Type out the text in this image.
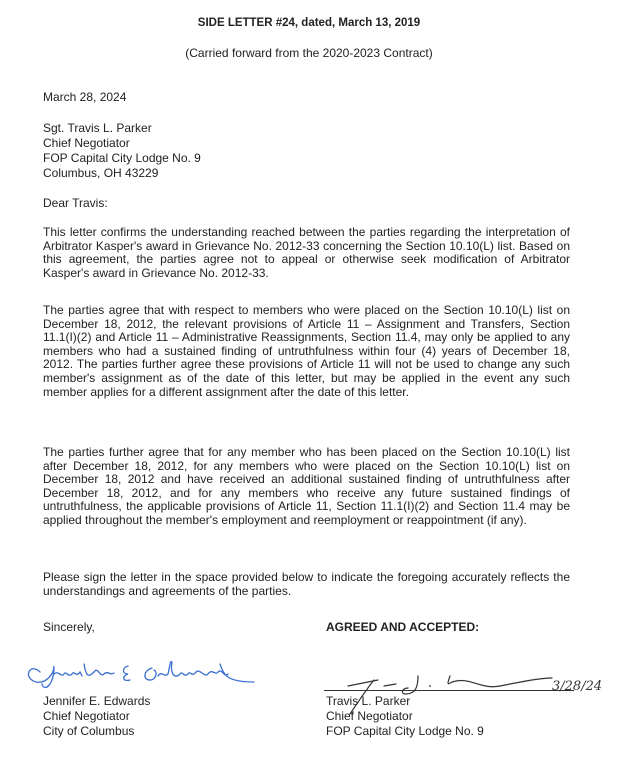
SIDE LETTER #24, dated, March 13, 2019
(Carried forward from the 2020-2023 Contract)
March 28, 2024
Sgt. Travis L. Parker
Chief Negotiator
FOP Capital City Lodge No. 9
Columbus, OH 43229
Dear Travis:
This letter confirms the understanding reached between the parties regarding the interpretation of Arbitrator Kasper's award in Grievance No. 2012-33 concerning the Section 10.10(L) list. Based on this agreement, the parties agree not to appeal or otherwise seek modification of Arbitrator Kasper's award in Grievance No. 2012-33.
The parties agree that with respect to members who were placed on the Section 10.10(L) list on December 18, 2012, the relevant provisions of Article 11 – Assignment and Transfers, Section 11.1(I)(2) and Article 11 – Administrative Reassignments, Section 11.4, may only be applied to any members who had a sustained finding of untruthfulness within four (4) years of December 18, 2012. The parties further agree these provisions of Article 11 will not be used to change any such member's assignment as of the date of this letter, but may be applied in the event any such member applies for a different assignment after the date of this letter.
The parties further agree that for any member who has been placed on the Section 10.10(L) list after December 18, 2012, for any members who were placed on the Section 10.10(L) list on December 18, 2012 and have received an additional sustained finding of untruthfulness after December 18, 2012, and for any members who receive any future sustained findings of untruthfulness, the applicable provisions of Article 11, Section 11.1(I)(2) and Section 11.4 may be applied throughout the member's employment and reemployment or reappointment (if any).
Please sign the letter in the space provided below to indicate the foregoing accurately reflects the understandings and agreements of the parties.
Sincerely,	AGREED AND ACCEPTED:
Jennifer E. Edwards
Chief Negotiator
City of Columbus
3/28/24
Travis L. Parker
Chief Negotiator
FOP Capital City Lodge No. 9
